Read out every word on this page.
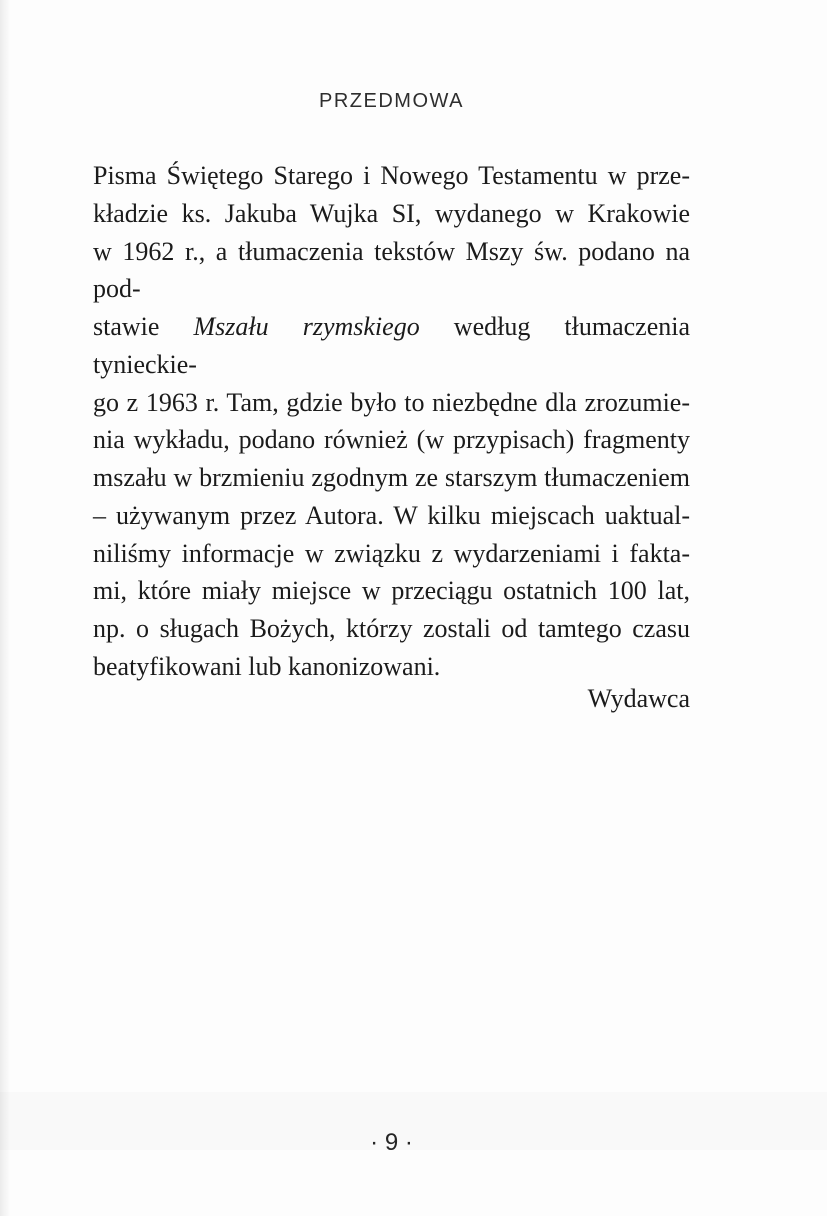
PRZEDMOWA
Pisma Świętego Starego i Nowego Testamentu w prze-
kładzie ks. Jakuba Wujka SI, wydanego w Krakowie
w 1962 r., a tłumaczenia tekstów Mszy św. podano na pod-
stawie Mszału rzymskiego według tłumaczenia tynieckie-
go z 1963 r. Tam, gdzie było to niezbędne dla zrozumie-
nia wykładu, podano również (w przypisach) fragmenty
mszału w brzmieniu zgodnym ze starszym tłumaczeniem
– używanym przez Autora. W kilku miejscach uaktual-
niliśmy informacje w związku z wydarzeniami i fakta-
mi, które miały miejsce w przeciągu ostatnich 100 lat,
np. o sługach Bożych, którzy zostali od tamtego czasu
beatyfikowani lub kanonizowani.
Wydawca
· 9 ·
